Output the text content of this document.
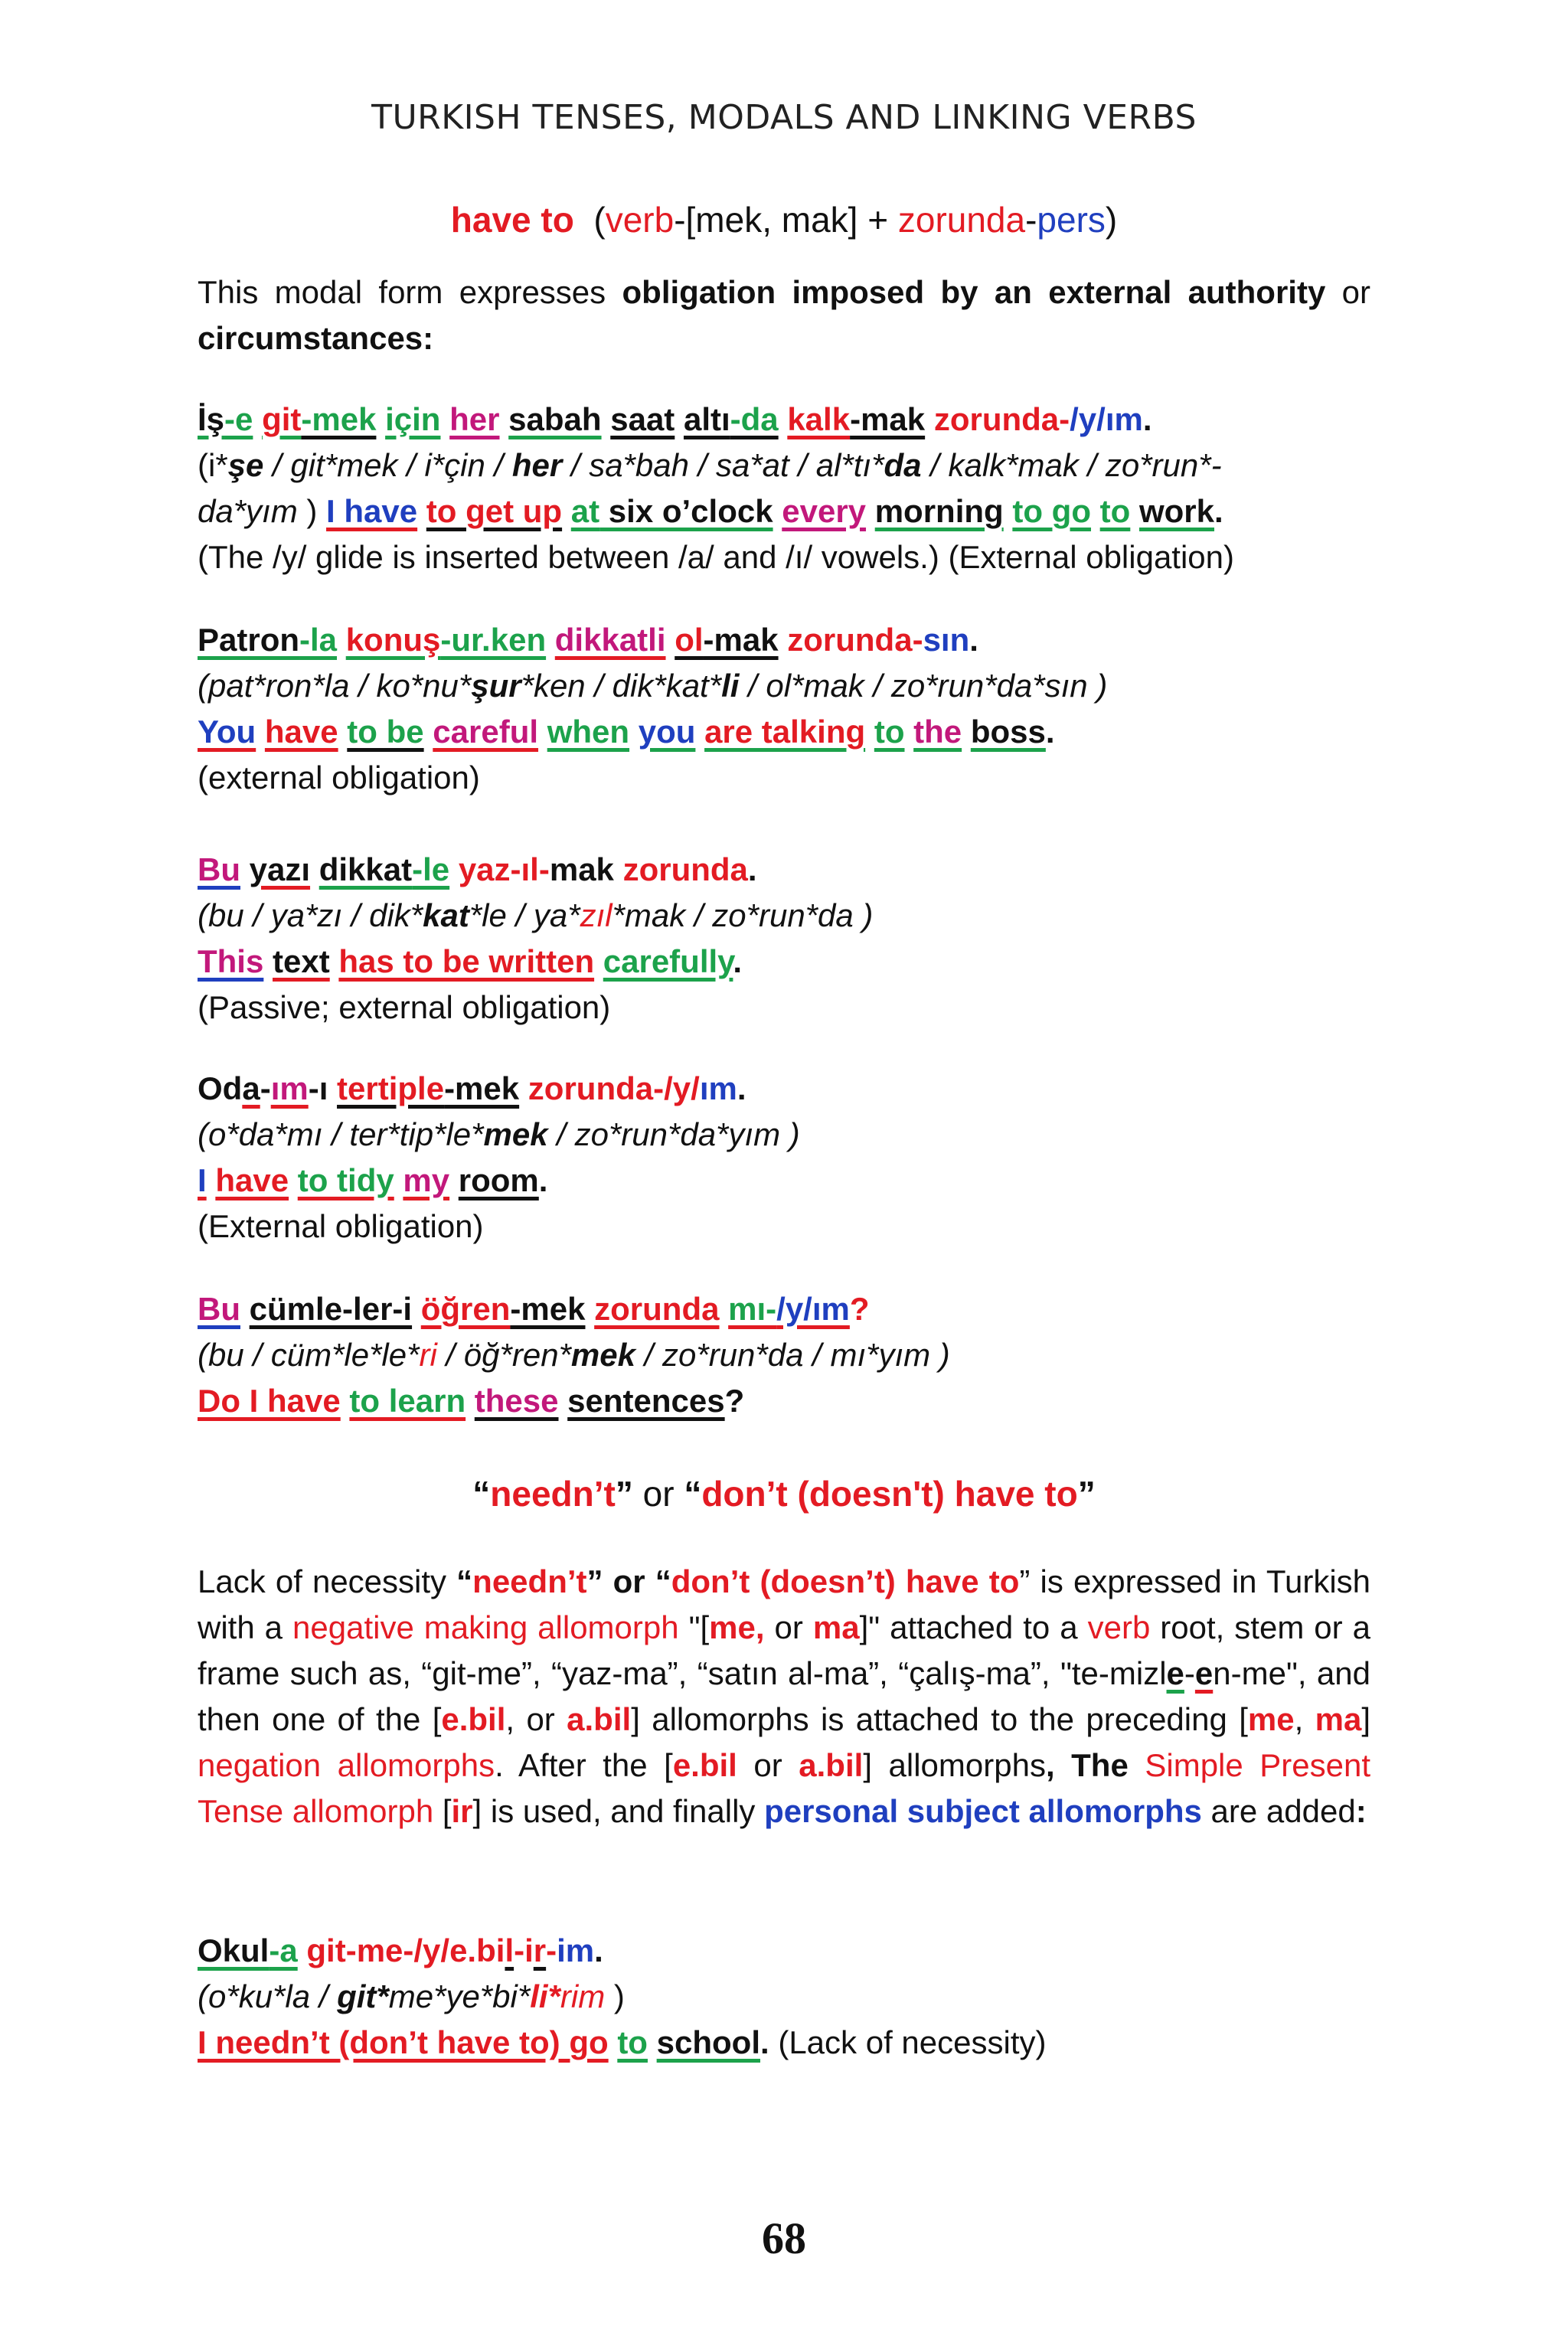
TURKISH TENSES, MODALS AND LINKING VERBS
have to (verb-[mek, mak] + zorunda-pers)
This modal form expresses obligation imposed by an external authority or circumstances:

İş-e git-mek için her sabah saat altı-da kalk-mak zorunda-/y/ım.

(i*şe / git*mek / i*çin / her / sa*bah / sa*at / al*tı*da / kalk*mak / zo*run*-
da*yım ) I have to get up at six o’clock every morning to go to work.

(The /y/ glide is inserted between /a/ and /ı/ vowels.) (External obligation)

Patron-la konuş-ur.ken dikkatli ol-mak zorunda-sın.

(pat*ron*la / ko*nu*şur*ken / dik*kat*li / ol*mak / zo*run*da*sın )

You have to be careful when you are talking to the boss.

(external obligation)

Bu yazı dikkat-le yaz-ıl-mak zorunda.

(bu / ya*zı / dik*kat*le / ya*zıl*mak / zo*run*da )

This text has to be written carefully.

(Passive; external obligation)

Oda-ım-ı tertiple-mek zorunda-/y/ım.

(o*da*mı / ter*tip*le*mek / zo*run*da*yım )

I have to tidy my room.

(External obligation)

Bu cümle-ler-i öğren-mek zorunda mı-/y/ım?

(bu / cüm*le*le*ri / öğ*ren*mek / zo*run*da / mı*yım )

Do I have to learn these sentences?

“needn’t” or “don’t (doesn't) have to”
Lack of necessity “needn’t” or “don’t (doesn’t) have to” is expressed in Turkish with a negative making allomorph "[me, or ma]" attached to a verb root, stem or a frame such as, “git-me”, “yaz-ma”, “satın al-ma”, “çalış-ma”, "te-mizle-en-me", and then one of the [e.bil, or a.bil] allomorphs is attached to the preceding [me, ma] negation allomorphs. After the [e.bil or a.bil] allomorphs, The Simple Present Tense allomorph [ir] is used, and finally personal subject allomorphs are added:

Okul-a git-me-/y/e.bil-ir-im.

(o*ku*la / git*me*ye*bi*li*rim )

I needn’t (don’t have to) go to school. (Lack of necessity)

68
